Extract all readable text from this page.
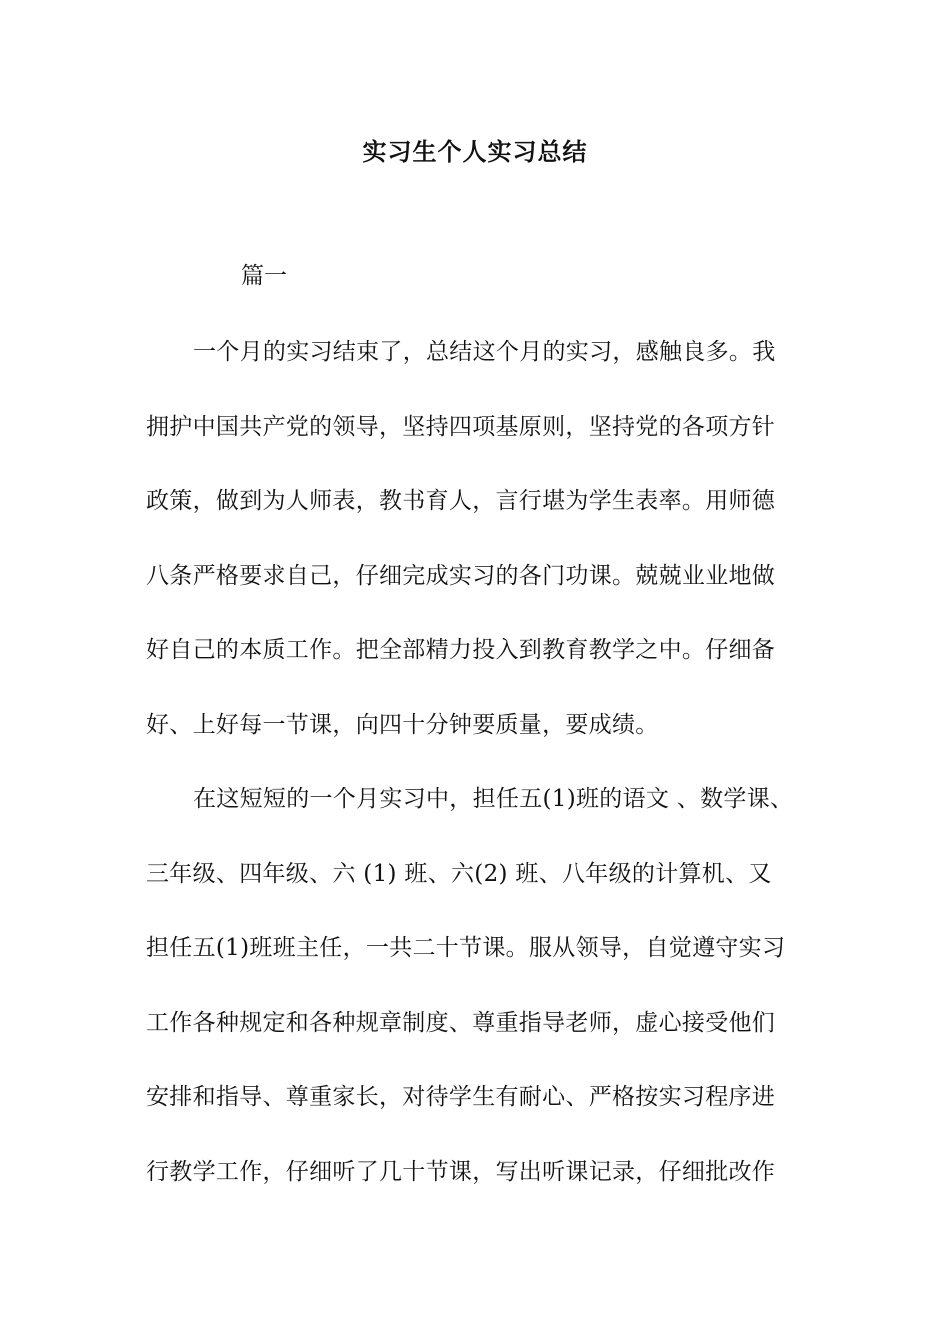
实习生个人实习总结

篇一

一个月的实习结束了，总结这个月的实习，感触良多。我
拥护中国共产党的领导，坚持四项基原则，坚持党的各项方针
政策，做到为人师表，教书育人，言行堪为学生表率。用师德
八条严格要求自己，仔细完成实习的各门功课。兢兢业业地做
好自己的本质工作。把全部精力投入到教育教学之中。仔细备
好、上好每一节课，向四十分钟要质量，要成绩。
在这短短的一个月实习中，担任五(1)班的语文 、数学课、
三年级、四年级、六 (1) 班、六(2) 班、八年级的计算机、又
担任五(1)班班主任，一共二十节课。服从领导，自觉遵守实习
工作各种规定和各种规章制度、尊重指导老师，虚心接受他们
安排和指导、尊重家长，对待学生有耐心、严格按实习程序进
行教学工作，仔细听了几十节课，写出听课记录，仔细批改作
